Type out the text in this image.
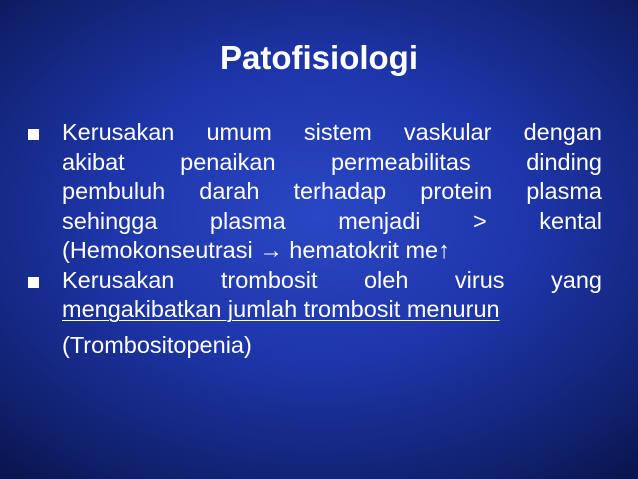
Patofisiologi
Kerusakan umum sistem vaskular dengan
akibat penaikan permeabilitas dinding
pembuluh darah terhadap protein plasma
sehingga plasma menjadi > kental
(Hemokonseutrasi → hematokrit me↑
Kerusakan trombosit oleh virus yang
mengakibatkan jumlah trombosit menurun
(Trombositopenia)
